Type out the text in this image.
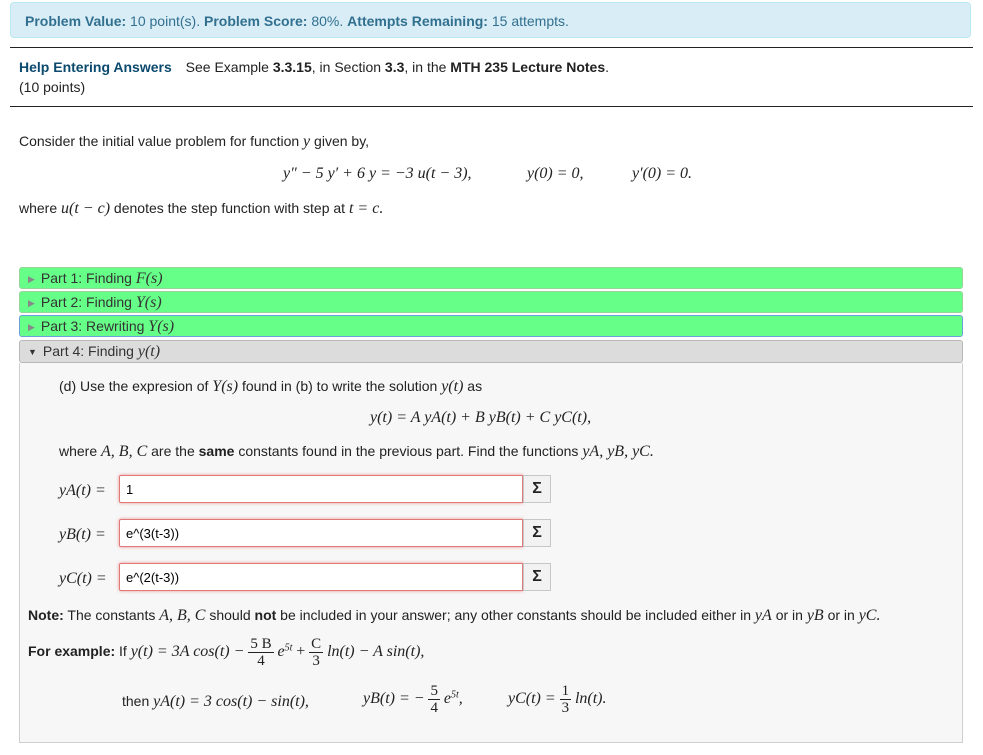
Problem Value: 10 point(s). Problem Score: 80%. Attempts Remaining: 15 attempts.
Help Entering Answers See Example 3.3.15, in Section 3.3, in the MTH 235 Lecture Notes.
(10 points)
Consider the initial value problem for function y given by,
y″ − 5 y′ + 6 y = −3 u(t − 3),	y(0) = 0,	y′(0) = 0.
where u(t − c) denotes the step function with step at t = c.
▶ Part 1: Finding F(s)
▶ Part 2: Finding Y(s)
▶ Part 3: Rewriting Y(s)
▼ Part 4: Finding y(t)
(d) Use the expresion of Y(s) found in (b) to write the solution y(t) as
y(t) = A yA(t) + B yB(t) + C yC(t),
where A, B, C are the same constants found in the previous part. Find the functions yA, yB, yC.
yA(t) =
1	Σ
yB(t) =
e^(3(t-3))	Σ
yC(t) =
e^(2(t-3))	Σ
Note: The constants A, B, C should not be included in your answer; any other constants should be included either in yA or in yB or in yC.
For example: If y(t) = 3A $\cos(t) - \frac{5 B}{4} e^{5t} + \frac{C}{3} \ln(t) - A$ sin(t),
then yA(t) = 3 cos(t) − sin(t),	yB(t) = − $\frac{5}{4} e^{5t}$,	$yC(t) = \frac{1}{3} \ln(t)$.
